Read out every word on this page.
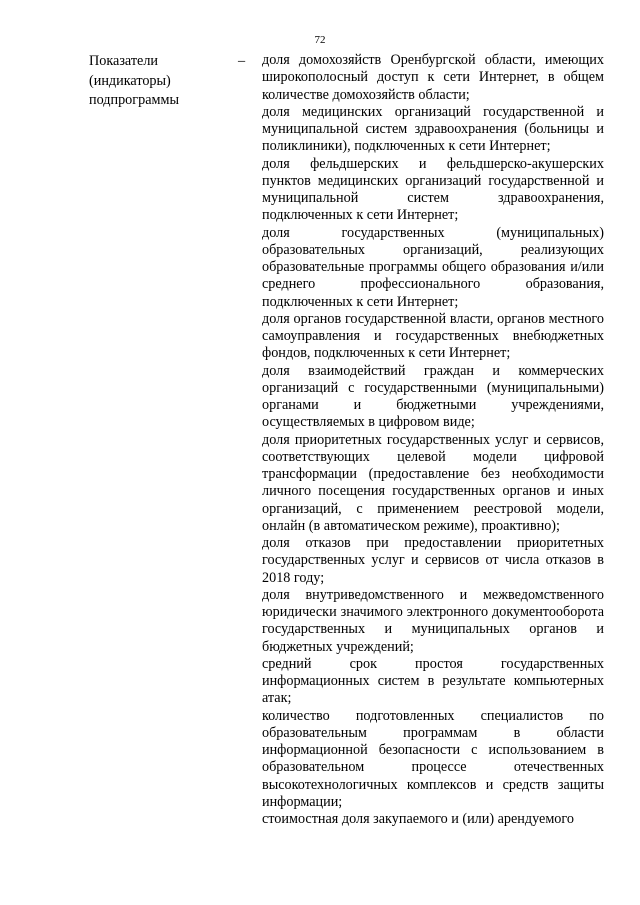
72
Показатели
(индикаторы)
подпрограммы
– доля домохозяйств Оренбургской области, имеющих широкополосный доступ к сети Интернет, в общем количестве домохозяйств области;

доля медицинских организаций государственной и муниципальной систем здравоохранения (больницы и поликлиники), подключенных к сети Интернет;

доля фельдшерских и фельдшерско-акушерских пунктов медицинских организаций государственной и муниципальной систем здравоохранения, подключенных к сети Интернет;

доля государственных (муниципальных) образовательных организаций, реализующих образовательные программы общего образования и/или среднего профессионального образования, подключенных к сети Интернет;

доля органов государственной власти, органов местного самоуправления и государственных внебюджетных фондов, подключенных к сети Интернет;

доля взаимодействий граждан и коммерческих организаций с государственными (муниципальными) органами и бюджетными учреждениями, осуществляемых в цифровом виде;

доля приоритетных государственных услуг и сервисов, соответствующих целевой модели цифровой трансформации (предоставление без необходимости личного посещения государственных органов и иных организаций, с применением реестровой модели, онлайн (в автоматическом режиме), проактивно);

доля отказов при предоставлении приоритетных государственных услуг и сервисов от числа отказов в 2018 году;

доля внутриведомственного и межведомственного юридически значимого электронного документооборота государственных и муниципальных органов и бюджетных учреждений;

средний срок простоя государственных информационных систем в результате компьютерных атак;

количество подготовленных специалистов по образовательным программам в области информационной безопасности с использованием в образовательном процессе отечественных высокотехнологичных комплексов и средств защиты информации;

стоимостная доля закупаемого и (или) арендуемого
